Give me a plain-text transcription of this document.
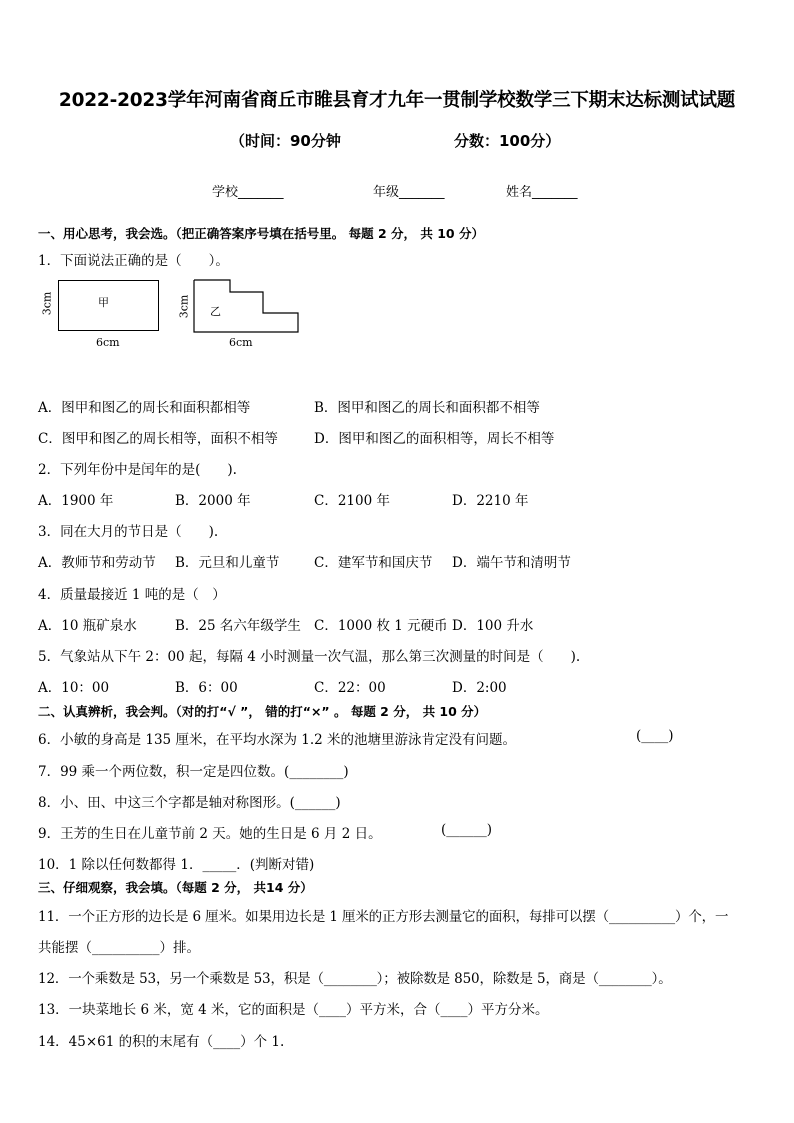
2022-2023学年河南省商丘市睢县育才九年一贯制学校数学三下期末达标测试试题
（时间：90分钟	分数：100分）
学校_______	年级_______	姓名_______
一、用心思考，我会选。（把正确答案序号填在括号里。 每题 2 分， 共 10 分）
1．下面说法正确的是（　　）。
甲
3cm
6cm
乙
3cm
6cm
A．图甲和图乙的周长和面积都相等	B．图甲和图乙的周长和面积都不相等
C．图甲和图乙的周长相等，面积不相等	D．图甲和图乙的面积相等，周长不相等
2．下列年份中是闰年的是(　　).
A．1900 年	B．2000 年	C．2100 年	D．2210 年
3．同在大月的节日是（　　).
A．教师节和劳动节 B．元旦和儿童节	C．建军节和国庆节 D．端午节和清明节
4．质量最接近 1 吨的是（　）
A．10 瓶矿泉水	B．25 名六年级学生 C．1000 枚 1 元硬币 D．100 升水
5．气象站从下午 2：00 起，每隔 4 小时测量一次气温，那么第三次测量的时间是（　　).
A．10：00	B．6：00	C．22：00	D．2:00
二、认真辨析，我会判。（对的打“√ ”， 错的打“×” 。 每题 2 分， 共 10 分）
6．小敏的身高是 135 厘米，在平均水深为 1.2 米的池塘里游泳肯定没有问题。	(____)
7．99 乘一个两位数，积一定是四位数。(________)
8．小、田、中这三个字都是轴对称图形。(______)
9．王芳的生日在儿童节前 2 天。她的生日是 6 月 2 日。	(______)
10．1 除以任何数都得 1．_____．(判断对错)
三、仔细观察，我会填。（每题 2 分， 共14 分）
11．一个正方形的边长是 6 厘米。如果用边长是 1 厘米的正方形去测量它的面积，每排可以摆（__________）个，一
共能摆（__________）排。
12．一个乘数是 53，另一个乘数是 53，积是（________）；被除数是 850，除数是 5，商是（________）。
13．一块菜地长 6 米，宽 4 米，它的面积是（____）平方米，合（____）平方分米。
14．45×61 的积的末尾有（____）个 1.
